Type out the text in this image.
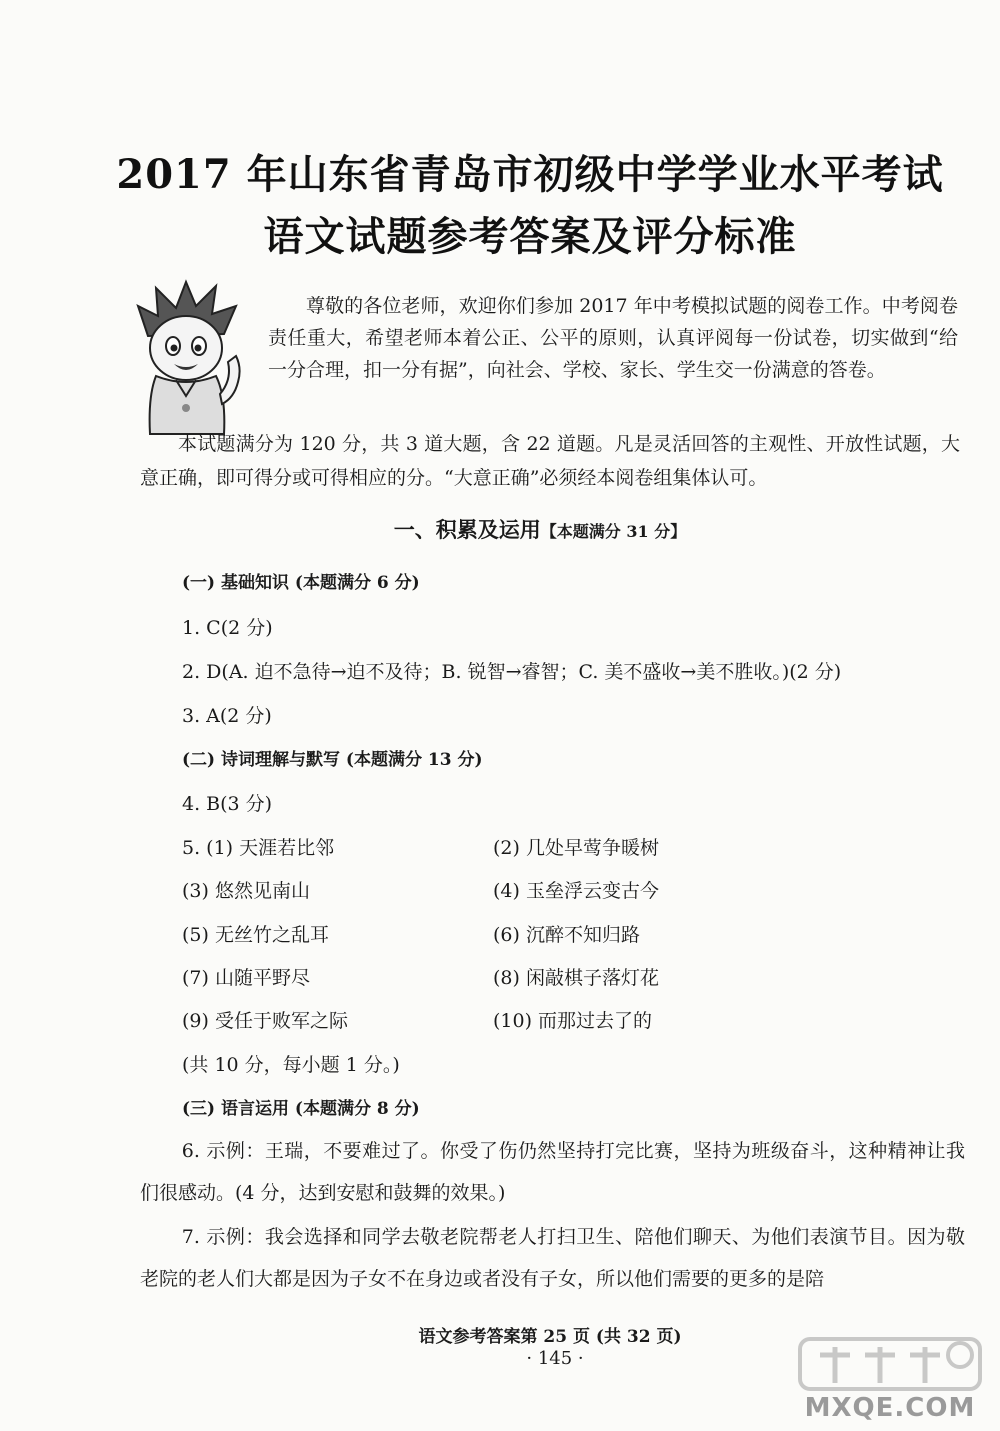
2017 年山东省青岛市初级中学学业水平考试
语文试题参考答案及评分标准
尊敬的各位老师，欢迎你们参加 2017 年中考模拟试题的阅卷工作。中考阅卷责任重大，希望老师本着公正、公平的原则，认真评阅每一份试卷，切实做到“给一分合理，扣一分有据”，向社会、学校、家长、学生交一份满意的答卷。
本试题满分为 120 分，共 3 道大题，含 22 道题。凡是灵活回答的主观性、开放性试题，大意正确，即可得分或可得相应的分。“大意正确”必须经本阅卷组集体认可。
一、积累及运用【本题满分 31 分】
(一) 基础知识 (本题满分 6 分)
1. C(2 分)
2. D(A. 迫不急待→迫不及待；B. 锐智→睿智；C. 美不盛收→美不胜收。)(2 分)
3. A(2 分)
(二) 诗词理解与默写 (本题满分 13 分)
4. B(3 分)
5. (1) 天涯若比邻	(2) 几处早莺争暖树
(3) 悠然见南山	(4) 玉垒浮云变古今
(5) 无丝竹之乱耳	(6) 沉醉不知归路
(7) 山随平野尽	(8) 闲敲棋子落灯花
(9) 受任于败军之际	(10) 而那过去了的
(共 10 分，每小题 1 分。)
(三) 语言运用 (本题满分 8 分)
6. 示例：王瑞，不要难过了。你受了伤仍然坚持打完比赛，坚持为班级奋斗，这种精神让我们很感动。(4 分，达到安慰和鼓舞的效果。)
7. 示例：我会选择和同学去敬老院帮老人打扫卫生、陪他们聊天、为他们表演节目。因为敬老院的老人们大都是因为子女不在身边或者没有子女，所以他们需要的更多的是陪
语文参考答案第 25 页 (共 32 页)
· 145 ·
MXQE.COM
